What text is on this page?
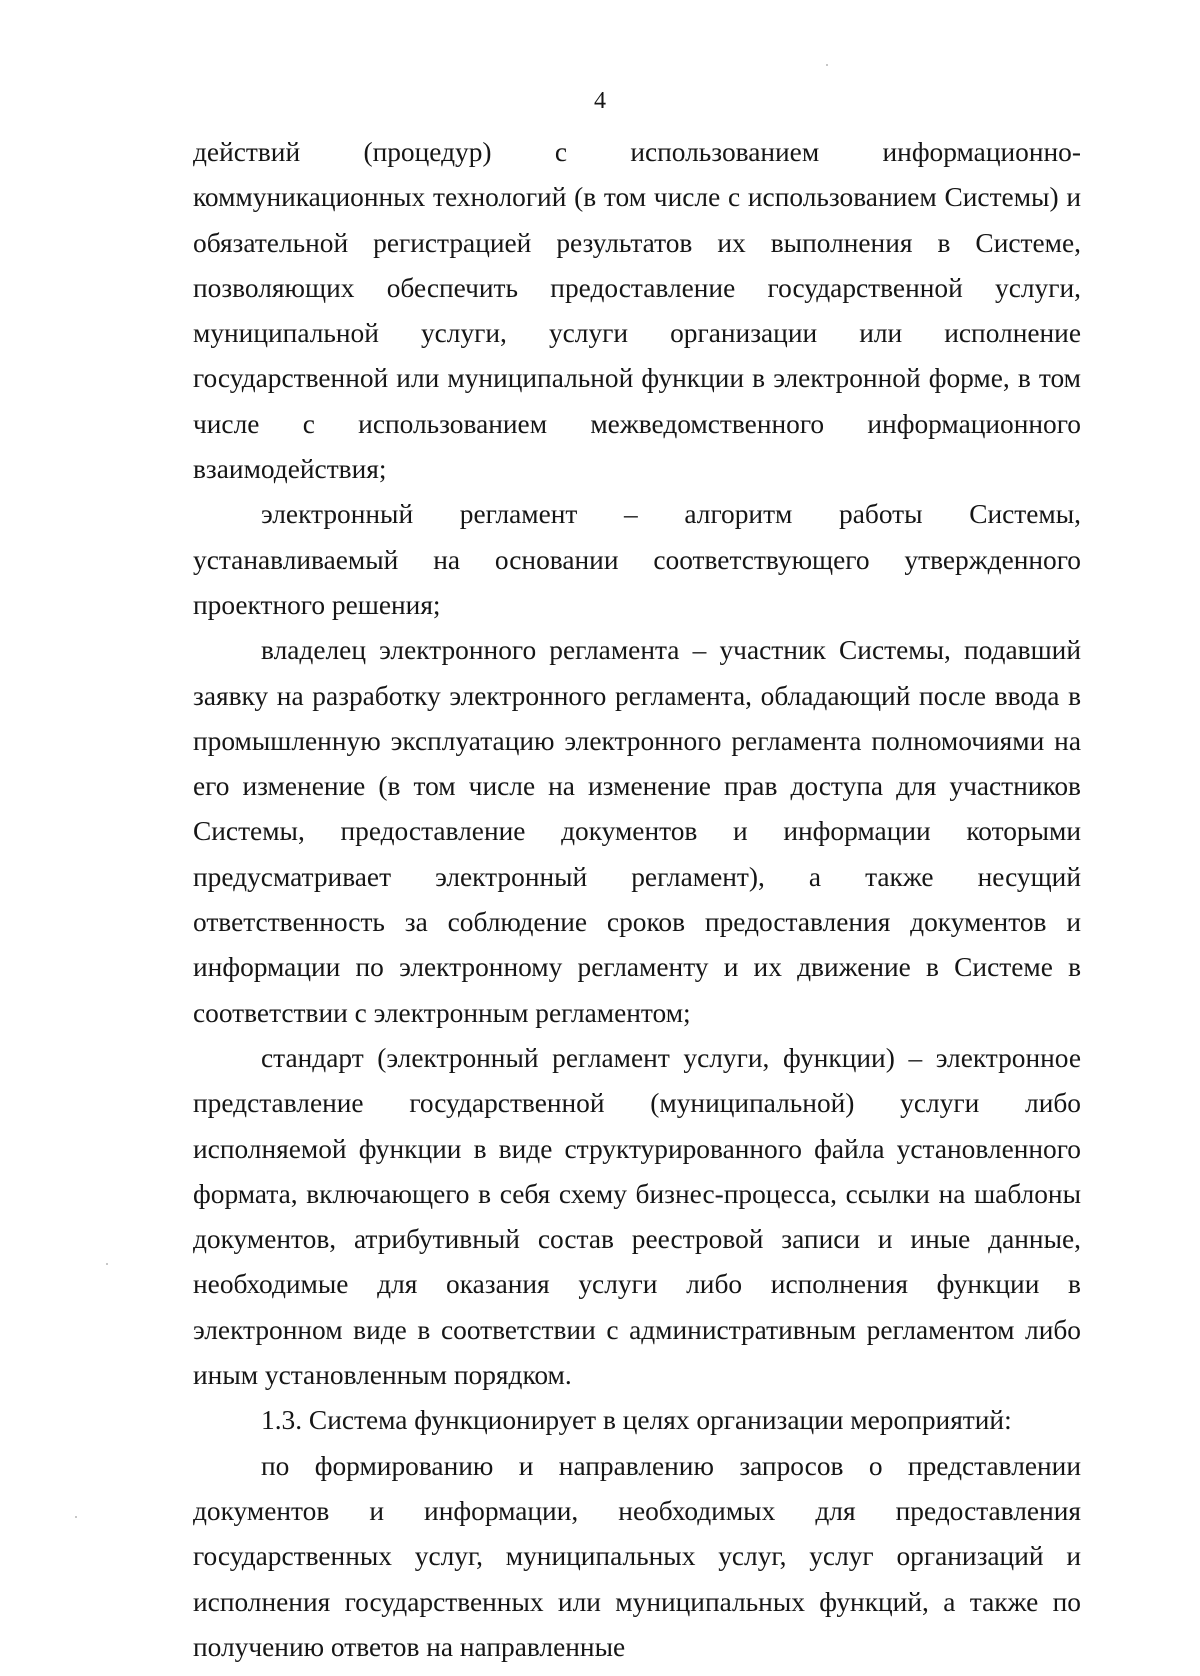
4

действий (процедур) с использованием информационно-коммуникационных технологий (в том числе с использованием Системы) и обязательной регистрацией результатов их выполнения в Системе, позволяющих обеспечить предоставление государственной услуги, муниципальной услуги, услуги организации или исполнение государственной или муниципальной функции в электронной форме, в том числе с использованием межведомственного информационного взаимодействия;

электронный регламент – алгоритм работы Системы, устанавливаемый на основании соответствующего утвержденного проектного решения;

владелец электронного регламента – участник Системы, подавший заявку на разработку электронного регламента, обладающий после ввода в промышленную эксплуатацию электронного регламента полномочиями на его изменение (в том числе на изменение прав доступа для участников Системы, предоставление документов и информации которыми предусматривает электронный регламент), а также несущий ответственность за соблюдение сроков предоставления документов и информации по электронному регламенту и их движение в Системе в соответствии с электронным регламентом;

стандарт (электронный регламент услуги, функции) – электронное представление государственной (муниципальной) услуги либо исполняемой функции в виде структурированного файла установленного формата, включающего в себя схему бизнес-процесса, ссылки на шаблоны документов, атрибутивный состав реестровой записи и иные данные, необходимые для оказания услуги либо исполнения функции в электронном виде в соответствии с административным регламентом либо иным установленным порядком.

1.3. Система функционирует в целях организации мероприятий:

по формированию и направлению запросов о представлении документов и информации, необходимых для предоставления государственных услуг, муниципальных услуг, услуг организаций и исполнения государственных или муниципальных функций, а также по получению ответов на направленные
